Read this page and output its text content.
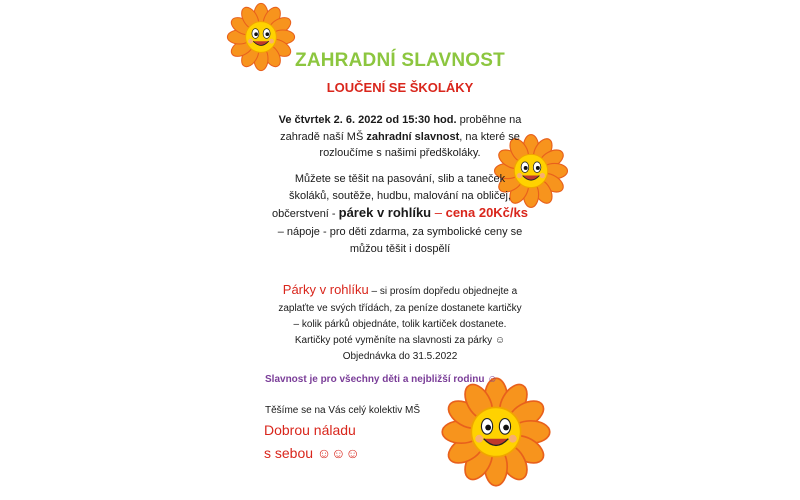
ZAHRADNÍ SLAVNOST
LOUČENÍ SE ŠKOLÁKY
Ve čtvrtek 2. 6. 2022 od 15:30 hod. proběhne na
zahradě naší MŠ zahradní slavnost, na které se
rozloučíme s našimi předškoláky.
Můžete se těšit na pasování, slib a taneček
školáků, soutěže, hudbu, malování na obličej,
občerstvení - párek v rohlíku – cena 20Kč/ks
– nápoje - pro děti zdarma, za symbolické ceny se
můžou těšit i dospělí
Párky v rohlíku – si prosím dopředu objednejte a
zaplaťte ve svých třídách, za peníze dostanete kartičky
– kolik párků objednáte, tolik kartiček dostanete.
Kartičky poté vyměníte na slavnosti za párky ☺
Objednávka do 31.5.2022
Slavnost je pro všechny děti a nejbližší rodinu ☺
Těšíme se na Vás celý kolektiv MŠ
Dobrou náladu
s sebou ☺☺☺
